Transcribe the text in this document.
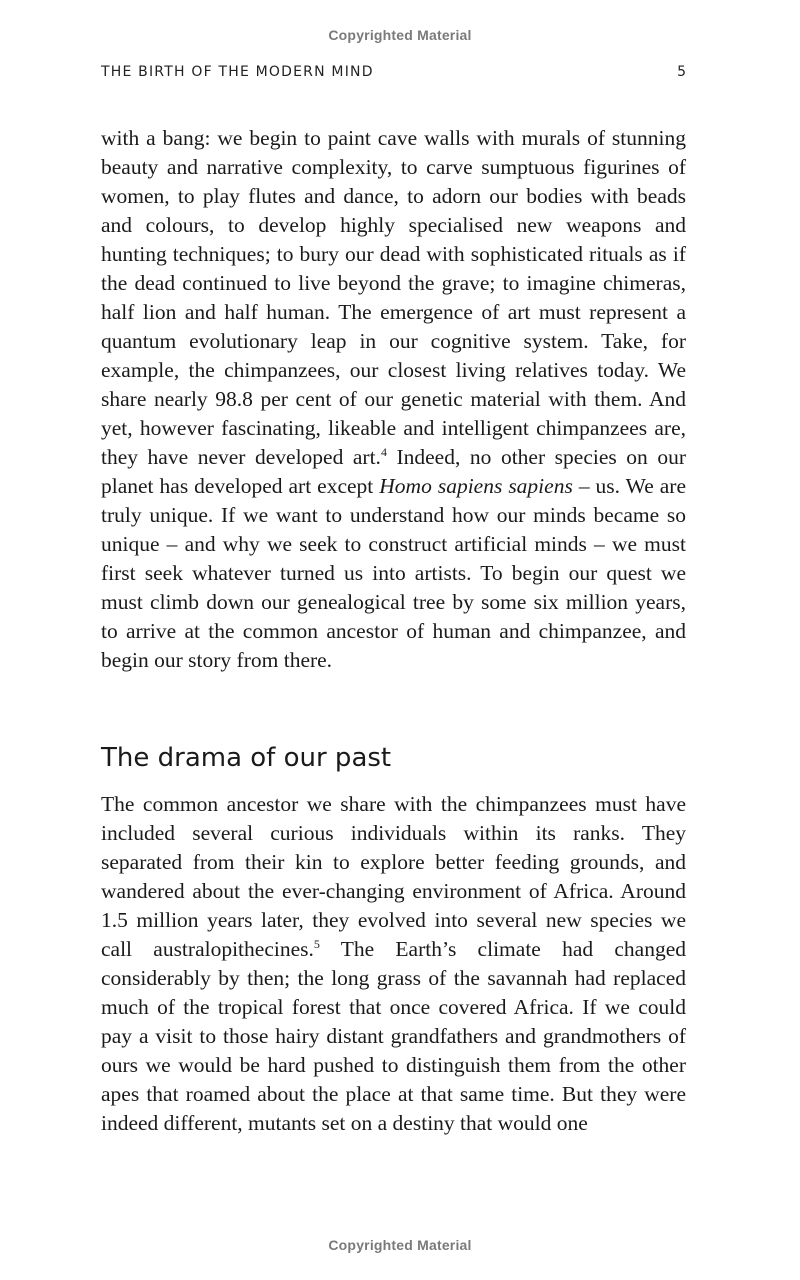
Copyrighted Material
THE BIRTH OF THE MODERN MIND	5

with a bang: we begin to paint cave walls with murals of stunning beauty and narrative complexity, to carve sumptuous figurines of women, to play flutes and dance, to adorn our bodies with beads and colours, to develop highly specialised new weapons and hunting techniques; to bury our dead with sophisticated rituals as if the dead continued to live beyond the grave; to imagine chimeras, half lion and half human. The emergence of art must represent a quantum evolutionary leap in our cognitive system. Take, for example, the chimpanzees, our closest living relatives today. We share nearly 98.8 per cent of our genetic material with them. And yet, however fascinating, likeable and intelligent chimpanzees are, they have never developed art.$^4$ Indeed, no other species on our planet has developed art except Homo sapiens sapiens – us. We are truly unique. If we want to understand how our minds became so unique – and why we seek to construct artificial minds – we must first seek whatever turned us into artists. To begin our quest we must climb down our genealogical tree by some six million years, to arrive at the common ancestor of human and chimpanzee, and begin our story from there.

The drama of our past

The common ancestor we share with the chimpanzees must have included several curious individuals within its ranks. They separated from their kin to explore better feeding grounds, and wandered about the ever-changing environment of Africa. Around 1.5 million years later, they evolved into several new species we call australopithecines.$^5$ The Earth’s climate had changed considerably by then; the long grass of the savannah had replaced much of the tropical forest that once covered Africa. If we could pay a visit to those hairy distant grandfathers and grandmothers of ours we would be hard pushed to distinguish them from the other apes that roamed about the place at that same time. But they were indeed different, mutants set on a destiny that would one

Copyrighted Material
